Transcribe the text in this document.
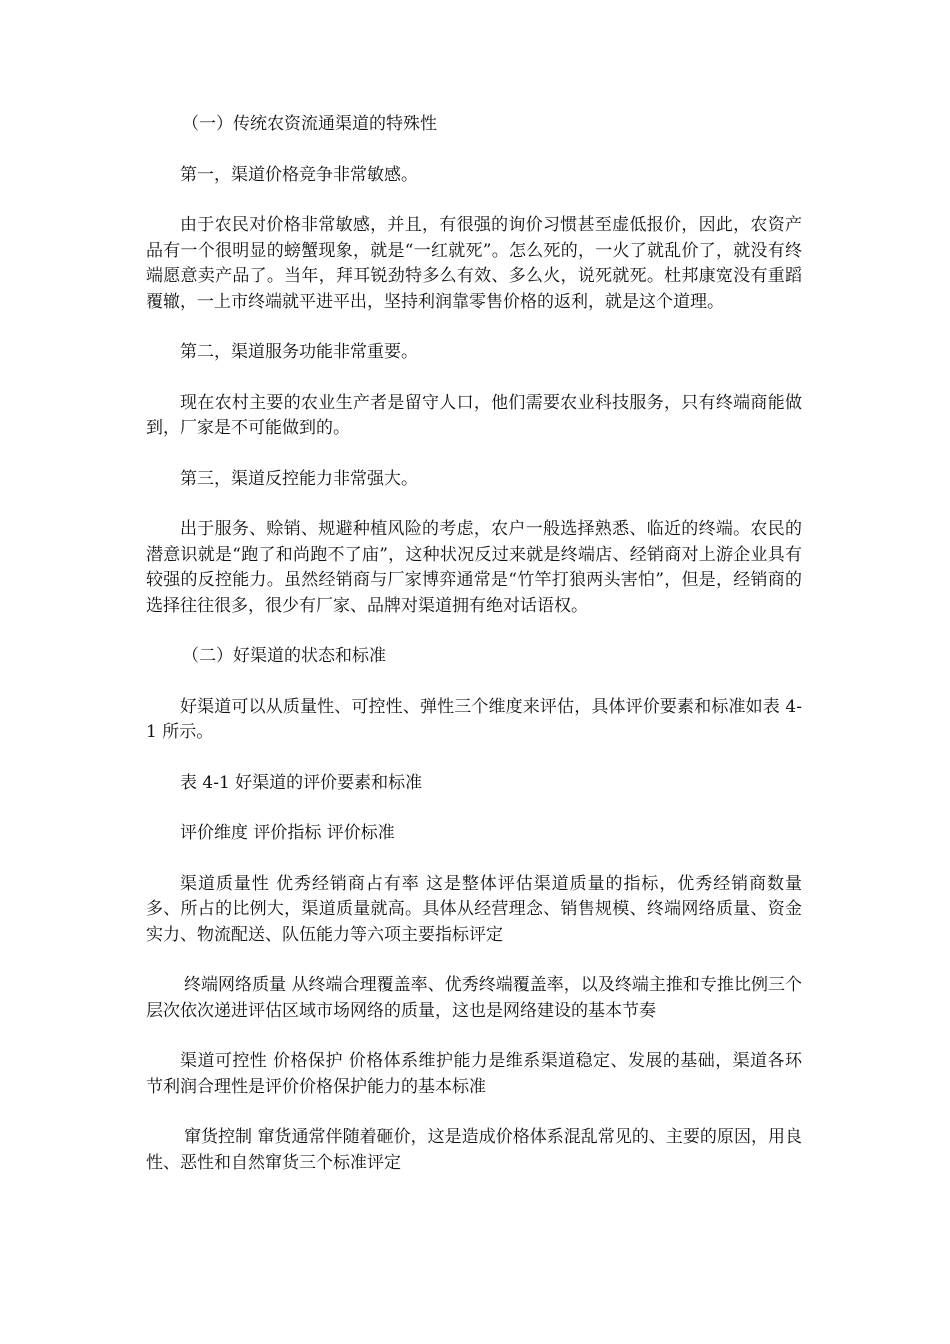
（一）传统农资流通渠道的特殊性

第一，渠道价格竞争非常敏感。

由于农民对价格非常敏感，并且，有很强的询价习惯甚至虚低报价，因此，农资产品有一个很明显的螃蟹现象，就是“一红就死”。怎么死的，一火了就乱价了，就没有终端愿意卖产品了。当年，拜耳锐劲特多么有效、多么火，说死就死。杜邦康宽没有重蹈覆辙，一上市终端就平进平出，坚持利润靠零售价格的返利，就是这个道理。

第二，渠道服务功能非常重要。

现在农村主要的农业生产者是留守人口，他们需要农业科技服务，只有终端商能做到，厂家是不可能做到的。

第三，渠道反控能力非常强大。

出于服务、赊销、规避种植风险的考虑，农户一般选择熟悉、临近的终端。农民的潜意识就是“跑了和尚跑不了庙”，这种状况反过来就是终端店、经销商对上游企业具有较强的反控能力。虽然经销商与厂家博弈通常是“竹竿打狼两头害怕”，但是，经销商的选择往往很多，很少有厂家、品牌对渠道拥有绝对话语权。

（二）好渠道的状态和标准

好渠道可以从质量性、可控性、弹性三个维度来评估，具体评价要素和标准如表 4-1 所示。

表 4-1 好渠道的评价要素和标准

评价维度 评价指标 评价标准

渠道质量性 优秀经销商占有率 这是整体评估渠道质量的指标，优秀经销商数量多、所占的比例大，渠道质量就高。具体从经营理念、销售规模、终端网络质量、资金实力、物流配送、队伍能力等六项主要指标评定

终端网络质量 从终端合理覆盖率、优秀终端覆盖率，以及终端主推和专推比例三个层次依次递进评估区域市场网络的质量，这也是网络建设的基本节奏

渠道可控性 价格保护 价格体系维护能力是维系渠道稳定、发展的基础，渠道各环节利润合理性是评价价格保护能力的基本标准

窜货控制 窜货通常伴随着砸价，这是造成价格体系混乱常见的、主要的原因，用良性、恶性和自然窜货三个标准评定
